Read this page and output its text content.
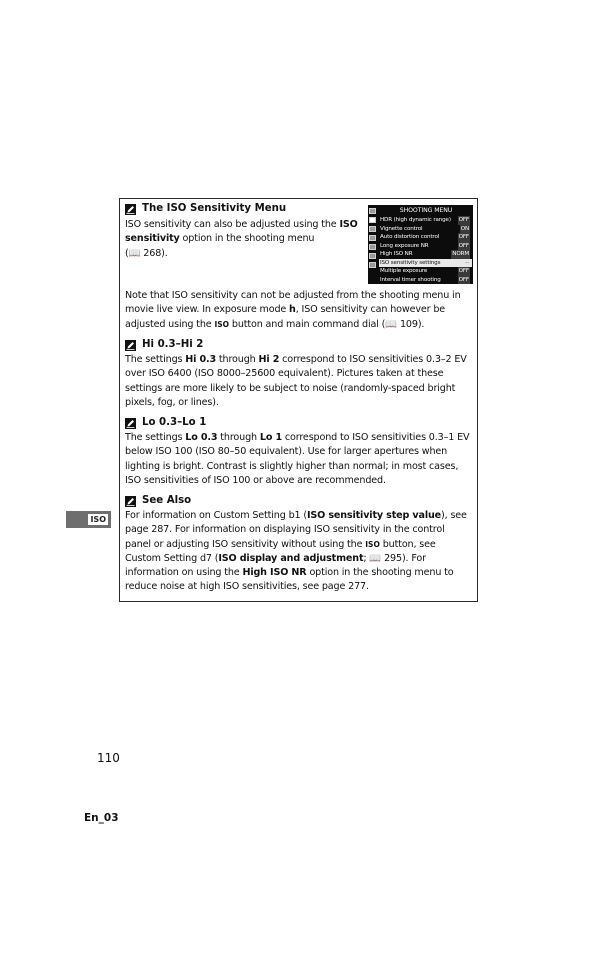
The ISO Sensitivity Menu
ISO sensitivity can also be adjusted using the ISO sensitivity option in the shooting menu
(📖 268).
SHOOTING MENU
HDR (high dynamic range) OFF
Vignette control	ON
Auto distortion control	OFF
Long exposure NR	OFF
High ISO NR	NORM
ISO sensitivity settings	--
Multiple exposure	OFF
Interval timer shooting	OFF
Note that ISO sensitivity can not be adjusted from the shooting menu in movie live view. In exposure mode h, ISO sensitivity can however be adjusted using the ISO button and main command dial (📖 109).
Hi 0.3–Hi 2
The settings Hi 0.3 through Hi 2 correspond to ISO sensitivities 0.3–2 EV over ISO 6400 (ISO 8000–25600 equivalent). Pictures taken at these settings are more likely to be subject to noise (randomly-spaced bright pixels, fog, or lines).
Lo 0.3–Lo 1
The settings Lo 0.3 through Lo 1 correspond to ISO sensitivities 0.3–1 EV below ISO 100 (ISO 80–50 equivalent). Use for larger apertures when lighting is bright. Contrast is slightly higher than normal; in most cases, ISO sensitivities of ISO 100 or above are recommended.
See Also
For information on Custom Setting b1 (ISO sensitivity step value), see page 287. For information on displaying ISO sensitivity in the control panel or adjusting ISO sensitivity without using the ISO button, see Custom Setting d7 (ISO display and adjustment; 📖 295). For information on using the High ISO NR option in the shooting menu to reduce noise at high ISO sensitivities, see page 277.
ISO
110
En_03
